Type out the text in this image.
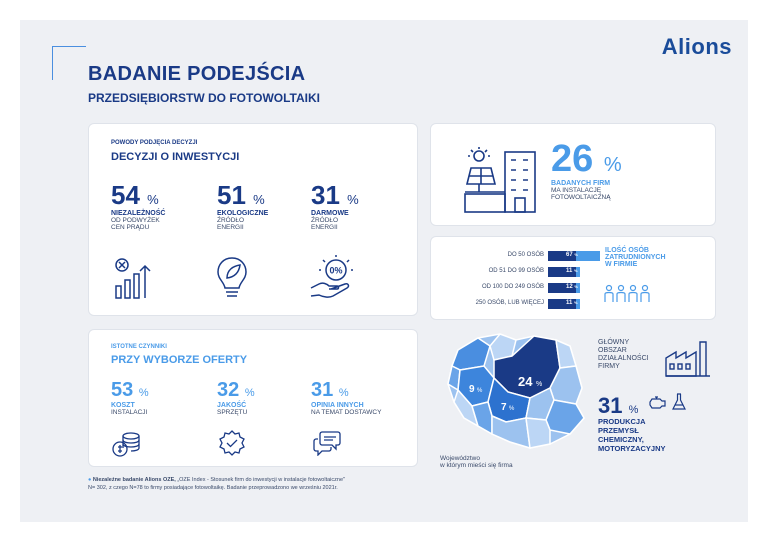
Alions
BADANIE PODEJŚCIA
PRZEDSIĘBIORSTW DO FOTOWOLTAIKI
POWODY PODJĘCIA DECYZJI
DECYZJI O INWESTYCJI
54 %
NIEZALEŻNOŚĆ
OD PODWYŻEK
CEN PRĄDU
51 %
EKOLOGICZNE
ŹRÓDŁO
ENERGII
31 %
DARMOWE
ŹRÓDŁO
ENERGII
0%
ISTOTNE CZYNNIKI
PRZY WYBORZE OFERTY
53 %
KOSZT
INSTALACJI
32 %
JAKOŚĆ
SPRZĘTU
31 %
OPINIA INNYCH
NA TEMAT DOSTAWCY
26 %
BADANYCH FIRM
MA INSTALACJĘ
FOTOWOLTAICZNĄ
DO 50 OSÓB	67 %
OD 51 DO 99 OSÓB	11 %
OD 100 DO 249 OSÓB	12 %
250 OSÓB, LUB WIĘCEJ	11 %
ILOŚĆ OSÓB
ZATRUDNIONYCH
W FIRMIE
24 %
9 %
7 %
Województwo
w którym mieści się firma
GŁÓWNY
OBSZAR
DZIAŁALNOŚCI
FIRMY
31 %
PRODUKCJA
PRZEMYSŁ
CHEMICZNY,
MOTORYZACYJNY
● Niezależne badanie Alions OZE, „OZE Index - Stosunek firm do inwestycji w instalacje fotowoltaiczne"
N= 302, z czego N=78 to firmy posiadające fotowoltaikę. Badanie przeprowadzono we wrześniu 2021r.
